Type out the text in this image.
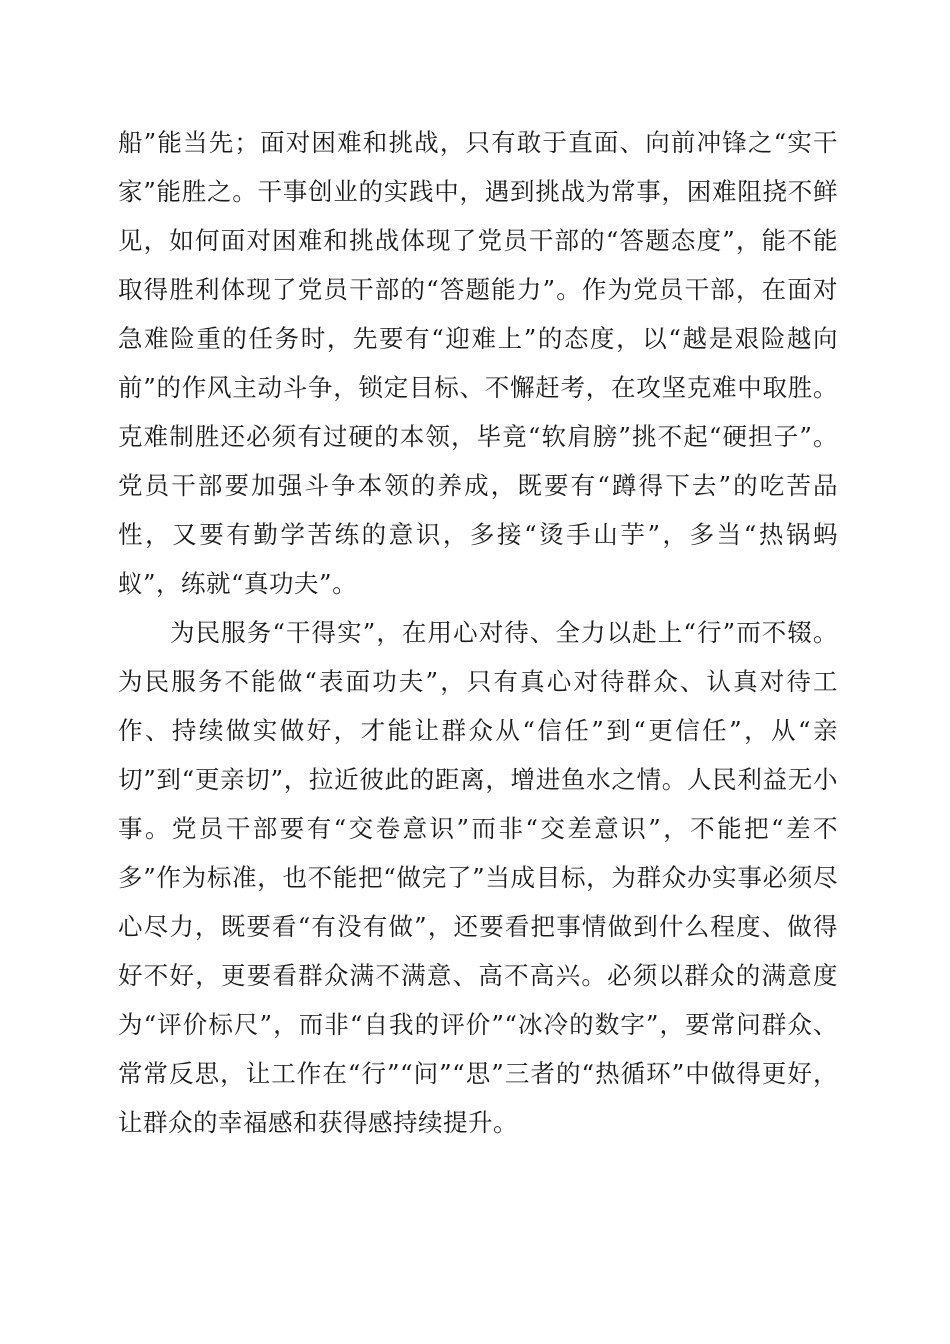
船”能当先；面对困难和挑战，只有敢于直面、向前冲锋之“实干家”能胜之。干事创业的实践中，遇到挑战为常事，困难阻挠不鲜见，如何面对困难和挑战体现了党员干部的“答题态度”，能不能取得胜利体现了党员干部的“答题能力”。作为党员干部，在面对急难险重的任务时，先要有“迎难上”的态度，以“越是艰险越向前”的作风主动斗争，锁定目标、不懈赶考，在攻坚克难中取胜。克难制胜还必须有过硬的本领，毕竟“软肩膀”挑不起“硬担子”。党员干部要加强斗争本领的养成，既要有“蹲得下去”的吃苦品性，又要有勤学苦练的意识，多接“烫手山芋”，多当“热锅蚂蚁”，练就“真功夫”。

为民服务“干得实”，在用心对待、全力以赴上“行”而不辍。为民服务不能做“表面功夫”，只有真心对待群众、认真对待工作、持续做实做好，才能让群众从“信任”到“更信任”，从“亲切”到“更亲切”，拉近彼此的距离，增进鱼水之情。人民利益无小事。党员干部要有“交卷意识”而非“交差意识”，不能把“差不多”作为标准，也不能把“做完了”当成目标，为群众办实事必须尽心尽力，既要看“有没有做”，还要看把事情做到什么程度、做得好不好，更要看群众满不满意、高不高兴。必须以群众的满意度为“评价标尺”，而非“自我的评价”“冰冷的数字”，要常问群众、常常反思，让工作在“行”“问”“思”三者的“热循环”中做得更好，让群众的幸福感和获得感持续提升。
